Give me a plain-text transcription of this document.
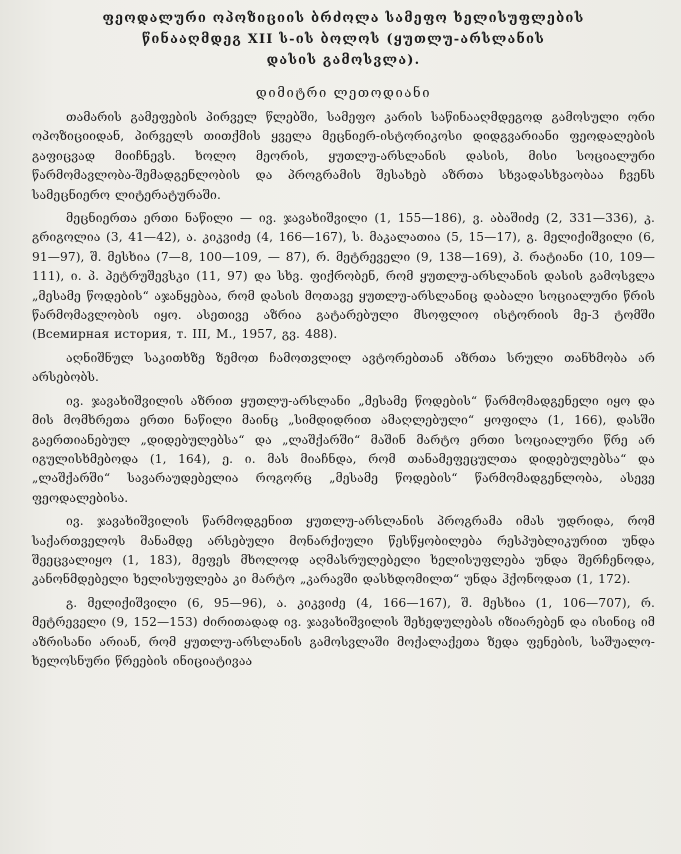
ფეოდალური ოპოზიციის ბრძოლა სამეფო ხელისუფლების
წინააღმდეგ XII ს-ის ბოლოს (ყუთლუ-არსლანის
დასის გამოსვლა).
დიმიტრი ლეთოდიანი

თამარის გამეფების პირველ წლებში, სამეფო კარის საწინააღმდეგოდ გამოსული ორი ოპოზიციიდან, პირველს თითქმის ყველა მეცნიერ-ისტორიკოსი დიდგვარიანი ფეოდალების გაფიცვად მიიჩნევს. ხოლო მეორის, ყუთლუ-არსლანის დასის, მისი სოციალური წარმომავლობა-შემადგენლობის და პროგრამის შესახებ აზრთა სხვადასხვაობაა ჩვენს სამეცნიერო ლიტერატურაში.

მეცნიერთა ერთი ნაწილი — ივ. ჯავახიშვილი (1, 155—186), ვ. აბაშიძე (2, 331—336), კ. გრიგოლია (3, 41—42), ა. კიკვიძე (4, 166—167), ს. მაკალათია (5, 15—17), გ. მელიქიშვილი (6, 91—97), შ. მესხია (7—8, 100—109, — 87), რ. მეტრეველი (9, 138—169), პ. რატიანი (10, 109—111), ი. პ. პეტრუშევსკი (11, 97) და სხვ. ფიქრობენ, რომ ყუთლუ-არსლანის დასის გამოსვლა „მესამე წოდების“ აჯანყებაა, რომ დასის მოთავე ყუთლუ-არსლანიც დაბალი სოციალური წრის წარმომავლობის იყო. ასეთივე აზრია გატარებული მსოფლიო ისტორიის მე-3 ტომში (Всемирная история, т. III, М., 1957, გვ. 488).

აღნიშნულ საკითხზე ზემოთ ჩამოთვლილ ავტორებთან აზრთა სრული თანხმობა არ არსებობს.

ივ. ჯავახიშვილის აზრით ყუთლუ-არსლანი „მესამე წოდების“ წარმომადგენელი იყო და მის მომხრეთა ერთი ნაწილი მაინც „სიმდიდრით ამაღლებული“ ყოფილა (1, 166), დასში გაერთიანებულ „დიდებულებსა“ და „ლაშქარში“ მაშინ მარტო ერთი სოციალური წრე არ იგულისხმებოდა (1, 164), ე. ი. მას მიაჩნდა, რომ თანამეფეცულთა დიდებულებსა“ და „ლაშქარში“ სავარაუდებელია როგორც „მესამე წოდების“ წარმომადგენლობა, ასევე ფეოდალებისა.

ივ. ჯავახიშვილის წარმოდგენით ყუთლუ-არსლანის პროგრამა იმას უდრიდა, რომ საქართველოს მანამდე არსებული მონარქიული წესწყობილება რესპუბლიკურით უნდა შეეცვალიყო (1, 183), მეფეს მხოლოდ აღმასრულებელი ხელისუფლება უნდა შერჩენოდა, კანონმდებელი ხელისუფლება კი მარტო „კარავში დასხდომილთ“ უნდა ჰქონოდათ (1, 172).

გ. მელიქიშვილი (6, 95—96), ა. კიკვიძე (4, 166—167), შ. მესხია (1, 106—707), რ. მეტრეველი (9, 152—153) ძირითადად ივ. ჯავახიშვილის შეხედულებას იზიარებენ და ისინიც იმ აზრისანი არიან, რომ ყუთლუ-არსლანის გამოსვლაში მოქალაქეთა ზედა ფენების, საშუალო-ხელოსნური წრეების ინიციატივაა
